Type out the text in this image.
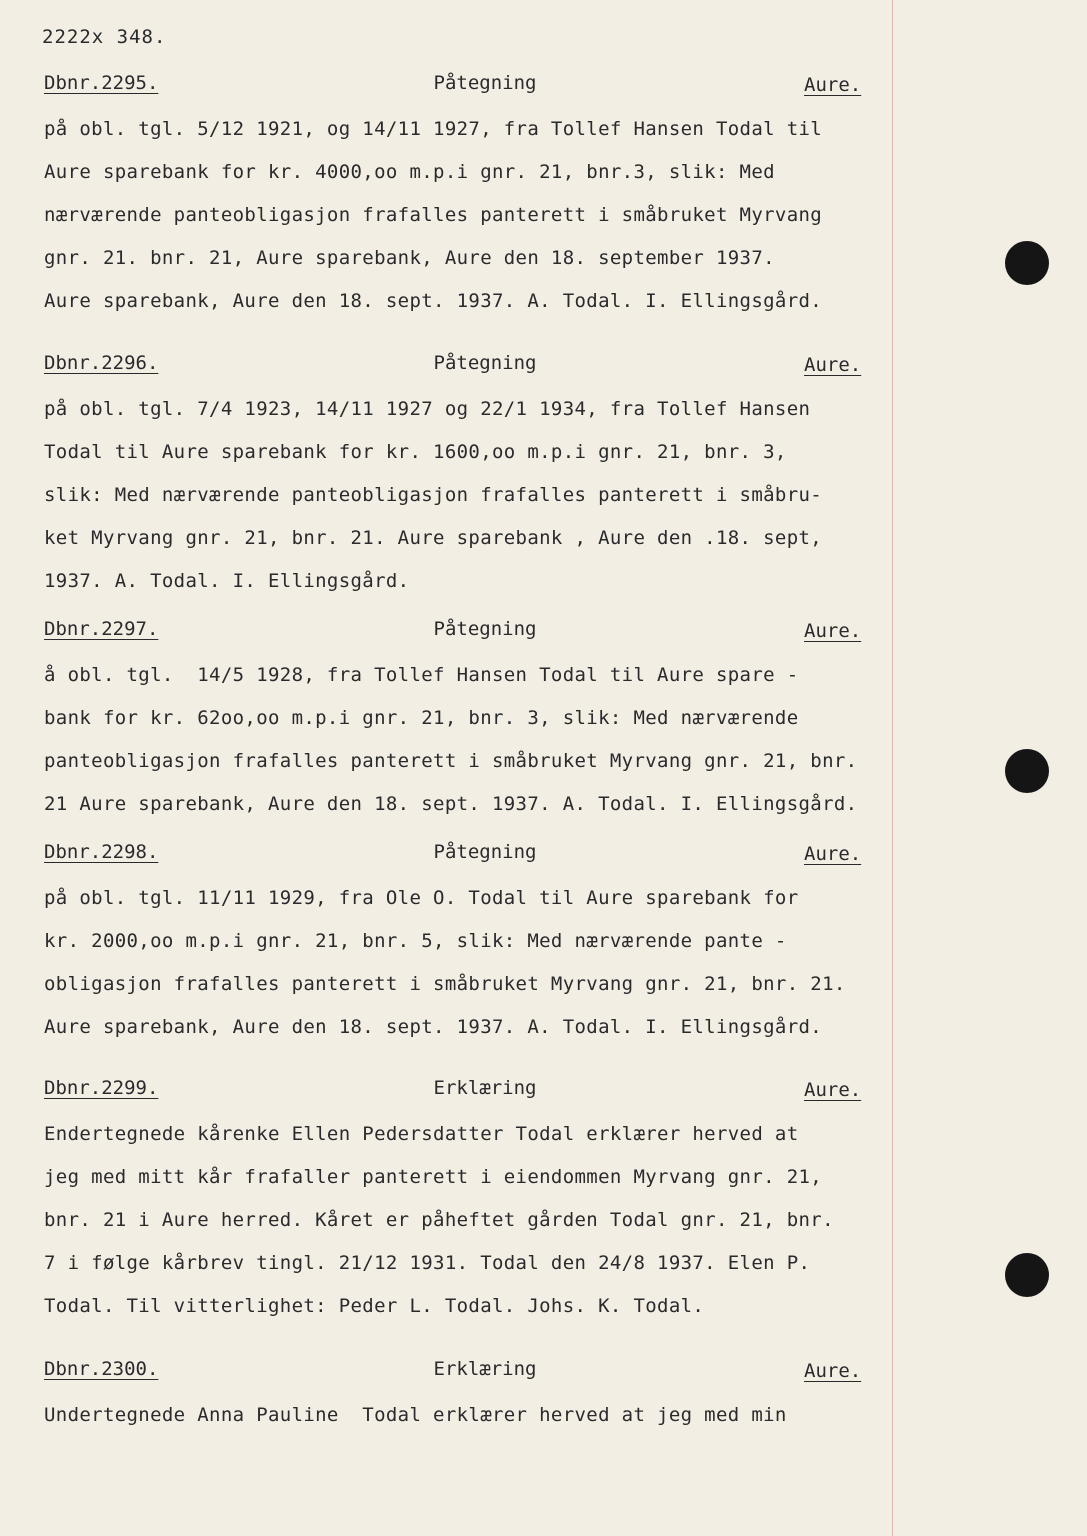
2222x 348.
Dbnr.2295.	Påtegning	Aure.
på obl. tgl. 5/12 1921, og 14/11 1927, fra Tollef Hansen Todal til
Aure sparebank for kr. 4000,oo m.p.i gnr. 21, bnr.3, slik: Med
nærværende panteobligasjon frafalles panterett i småbruket Myrvang
gnr. 21. bnr. 21, Aure sparebank, Aure den 18. september 1937.
Aure sparebank, Aure den 18. sept. 1937. A. Todal. I. Ellingsgård.
Dbnr.2296.	Påtegning	Aure.
på obl. tgl. 7/4 1923, 14/11 1927 og 22/1 1934, fra Tollef Hansen
Todal til Aure sparebank for kr. 1600,oo m.p.i gnr. 21, bnr. 3,
slik: Med nærværende panteobligasjon frafalles panterett i småbru-
ket Myrvang gnr. 21, bnr. 21. Aure sparebank , Aure den .18. sept,
1937. A. Todal. I. Ellingsgård.
Dbnr.2297.	Påtegning	Aure.
å obl. tgl.  14/5 1928, fra Tollef Hansen Todal til Aure spare -
bank for kr. 62oo,oo m.p.i gnr. 21, bnr. 3, slik: Med nærværende
panteobligasjon frafalles panterett i småbruket Myrvang gnr. 21, bnr.
21 Aure sparebank, Aure den 18. sept. 1937. A. Todal. I. Ellingsgård.
Dbnr.2298.	Påtegning	Aure.
på obl. tgl. 11/11 1929, fra Ole O. Todal til Aure sparebank for
kr. 2000,oo m.p.i gnr. 21, bnr. 5, slik: Med nærværende pante -
obligasjon frafalles panterett i småbruket Myrvang gnr. 21, bnr. 21.
Aure sparebank, Aure den 18. sept. 1937. A. Todal. I. Ellingsgård.
Dbnr.2299.	Erklæring	Aure.
Endertegnede kårenke Ellen Pedersdatter Todal erklærer herved at
jeg med mitt kår frafaller panterett i eiendommen Myrvang gnr. 21,
bnr. 21 i Aure herred. Kåret er påheftet gården Todal gnr. 21, bnr.
7 i følge kårbrev tingl. 21/12 1931. Todal den 24/8 1937. Elen P.
Todal. Til vitterlighet: Peder L. Todal. Johs. K. Todal.
Dbnr.2300.	Erklæring	Aure.
Undertegnede Anna Pauline  Todal erklærer herved at jeg med min
